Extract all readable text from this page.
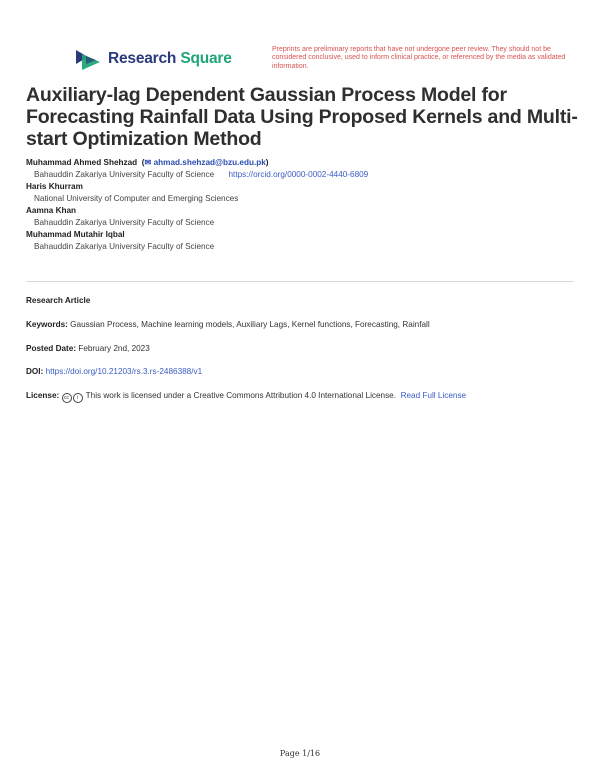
Research Square
Preprints are preliminary reports that have not undergone peer review. They should not be considered conclusive, used to inform clinical practice, or referenced by the media as validated information.
Auxiliary-lag Dependent Gaussian Process Model for Forecasting Rainfall Data Using Proposed Kernels and Multi-start Optimization Method
Muhammad Ahmed Shehzad  (✉ ahmad.shehzad@bzu.edu.pk)
Bahauddin Zakariya University Faculty of Science https://orcid.org/0000-0002-4440-6809
Haris Khurram
National University of Computer and Emerging Sciences
Aamna Khan
Bahauddin Zakariya University Faculty of Science
Muhammad Mutahir Iqbal
Bahauddin Zakariya University Faculty of Science
Research Article
Keywords: Gaussian Process, Machine learning models, Auxiliary Lags, Kernel functions, Forecasting, Rainfall
Posted Date: February 2nd, 2023
DOI: https://doi.org/10.21203/rs.3.rs-2486388/v1
License: cc i This work is licensed under a Creative Commons Attribution 4.0 International License. Read Full License
Page 1/16
